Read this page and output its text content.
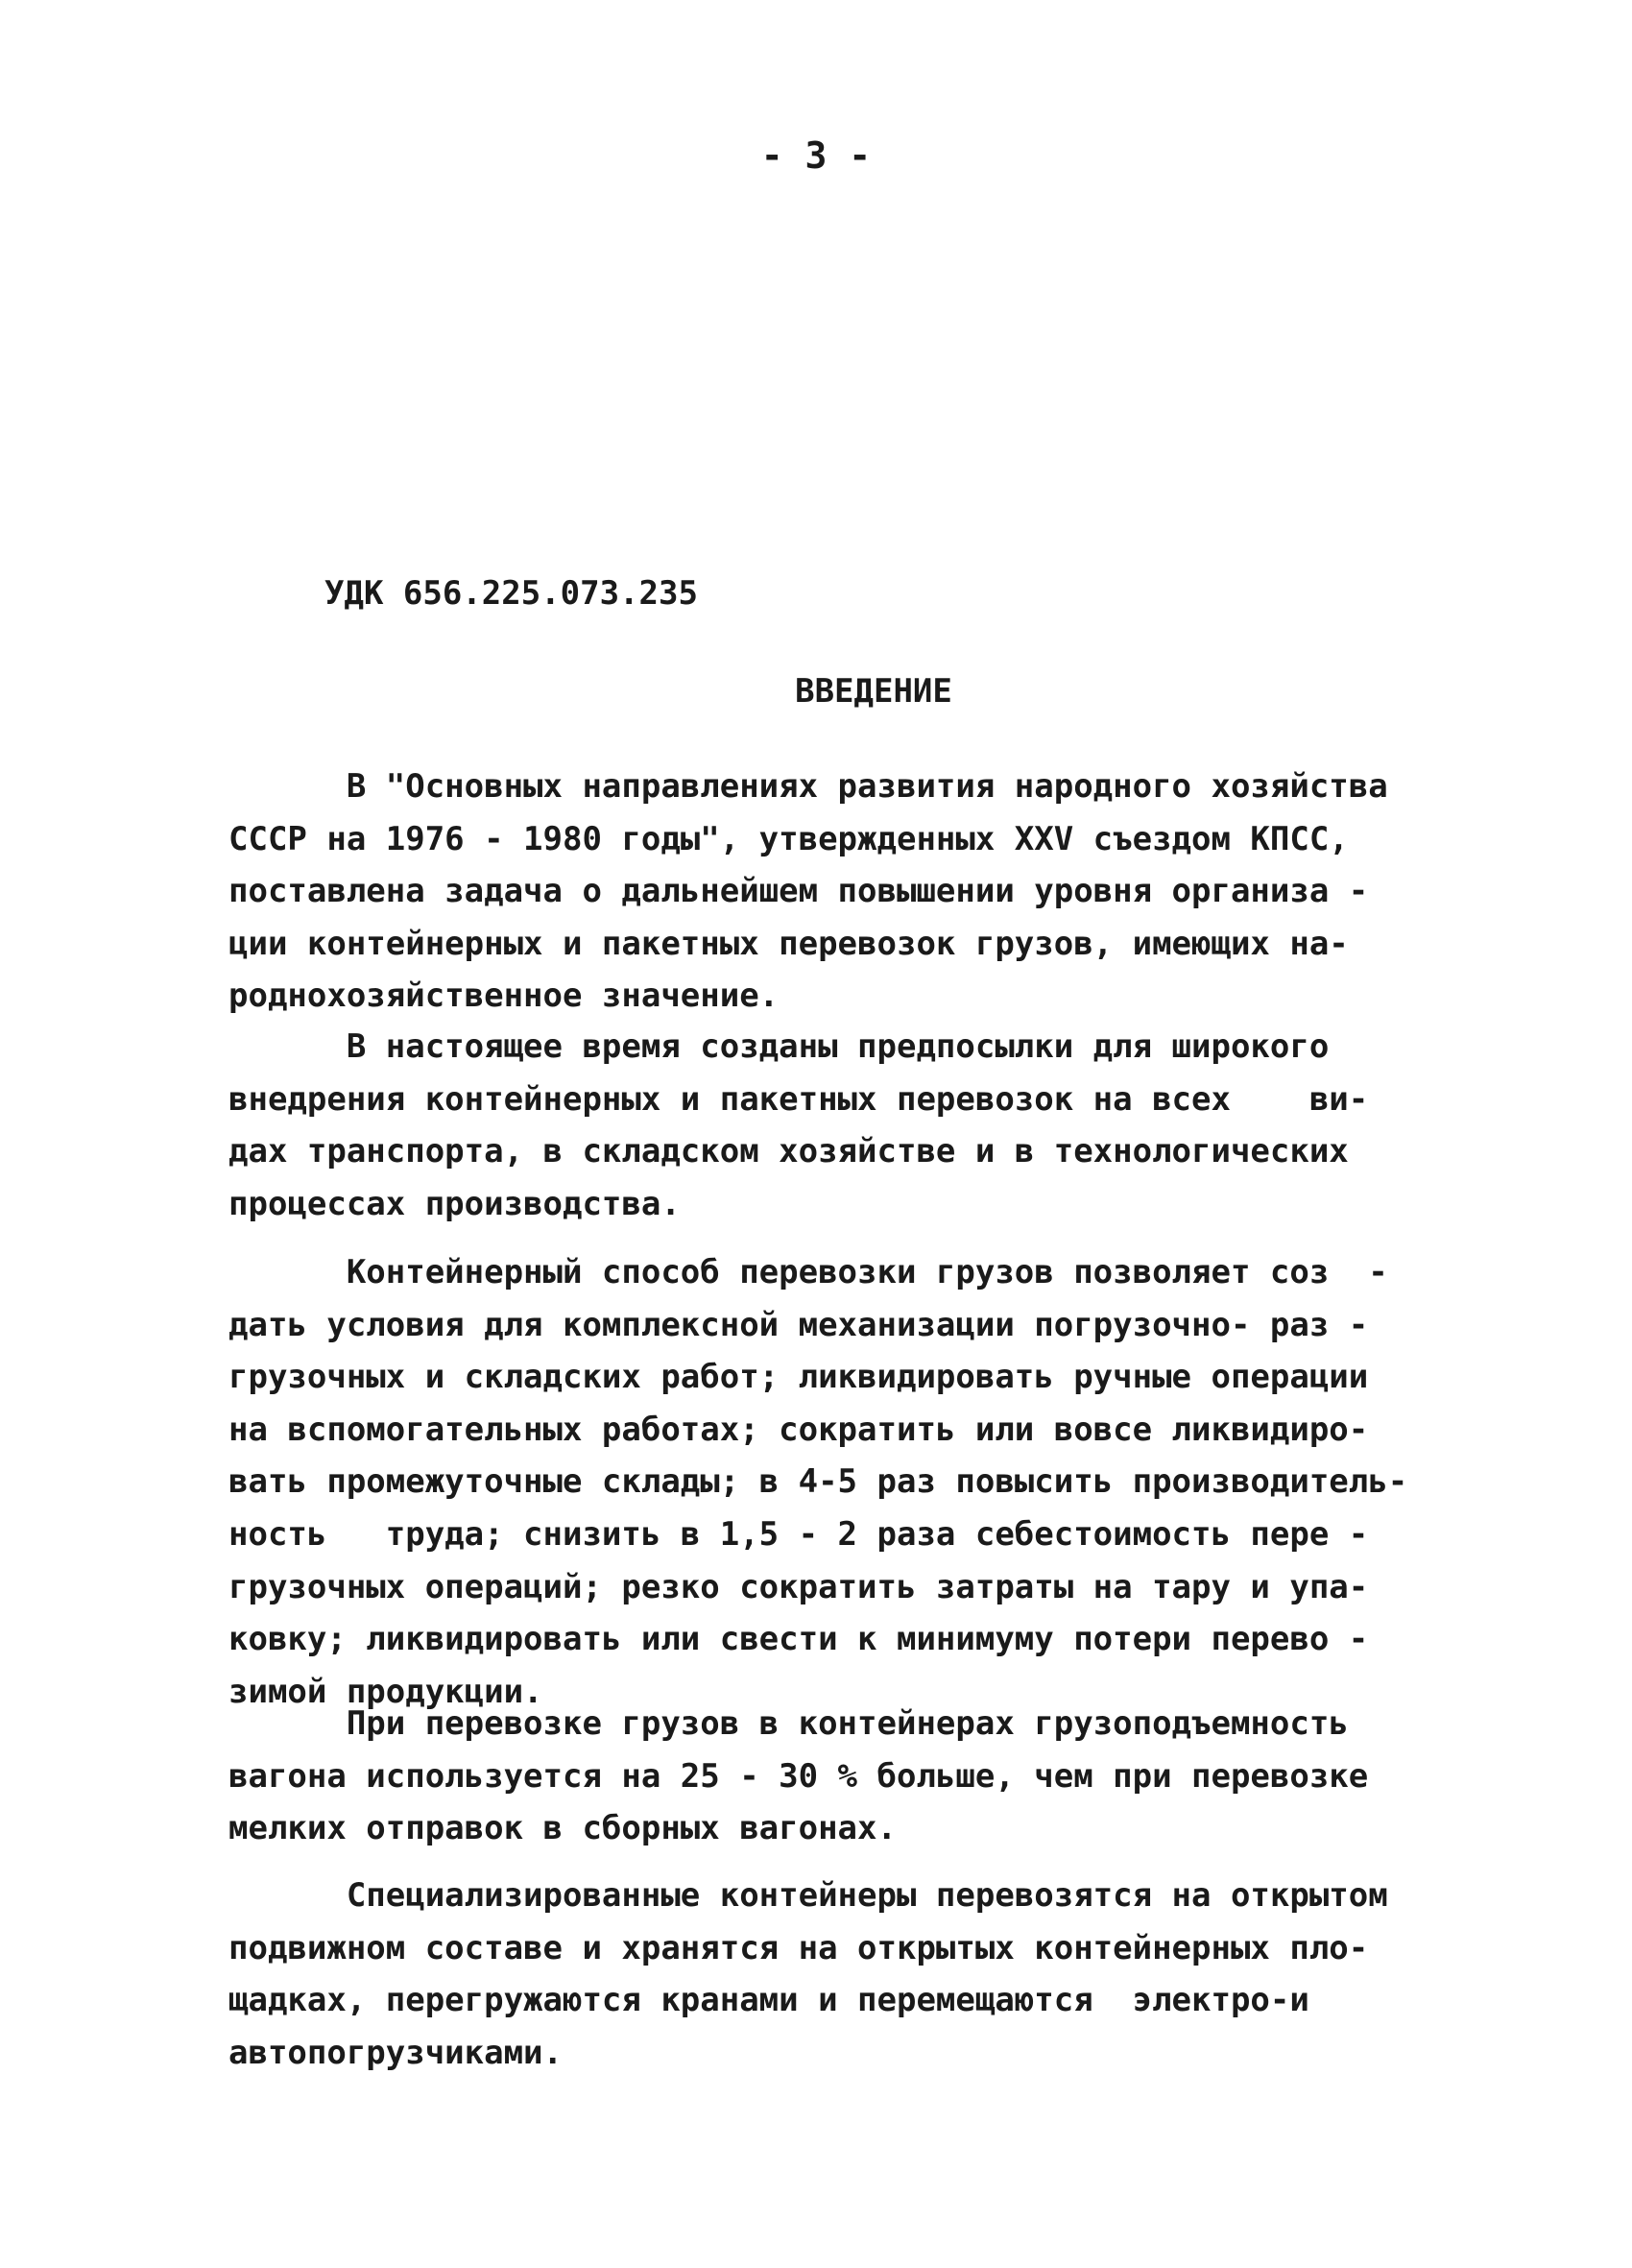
- 3 -
УДК 656.225.073.235
ВВЕДЕНИЕ

В "Основных направлениях развития народного хозяйства
СССР на 1976 - 1980 годы", утвержденных XXV съездом КПСС,
поставлена задача о дальнейшем повышении уровня организа -
ции контейнерных и пакетных перевозок грузов, имеющих на-
роднохозяйственное значение.

В настоящее время созданы предпосылки для широкого
внедрения контейнерных и пакетных перевозок на всех    ви-
дах транспорта, в складском хозяйстве и в технологических
процессах производства.

Контейнерный способ перевозки грузов позволяет соз  -
дать условия для комплексной механизации погрузочно- раз -
грузочных и складских работ; ликвидировать ручные операции
на вспомогательных работах; сократить или вовсе ликвидиро-
вать промежуточные склады; в 4-5 раз повысить производитель-
ность   труда; снизить в 1,5 - 2 раза себестоимость пере -
грузочных операций; резко сократить затраты на тару и упа-
ковку; ликвидировать или свести к минимуму потери перево -
зимой продукции.

При перевозке грузов в контейнерах грузоподъемность
вагона используется на 25 - 30 % больше, чем при перевозке
мелких отправок в сборных вагонах.

Специализированные контейнеры перевозятся на открытом
подвижном составе и хранятся на открытых контейнерных пло-
щадках, перегружаются кранами и перемещаются  электро-и
автопогрузчиками.
